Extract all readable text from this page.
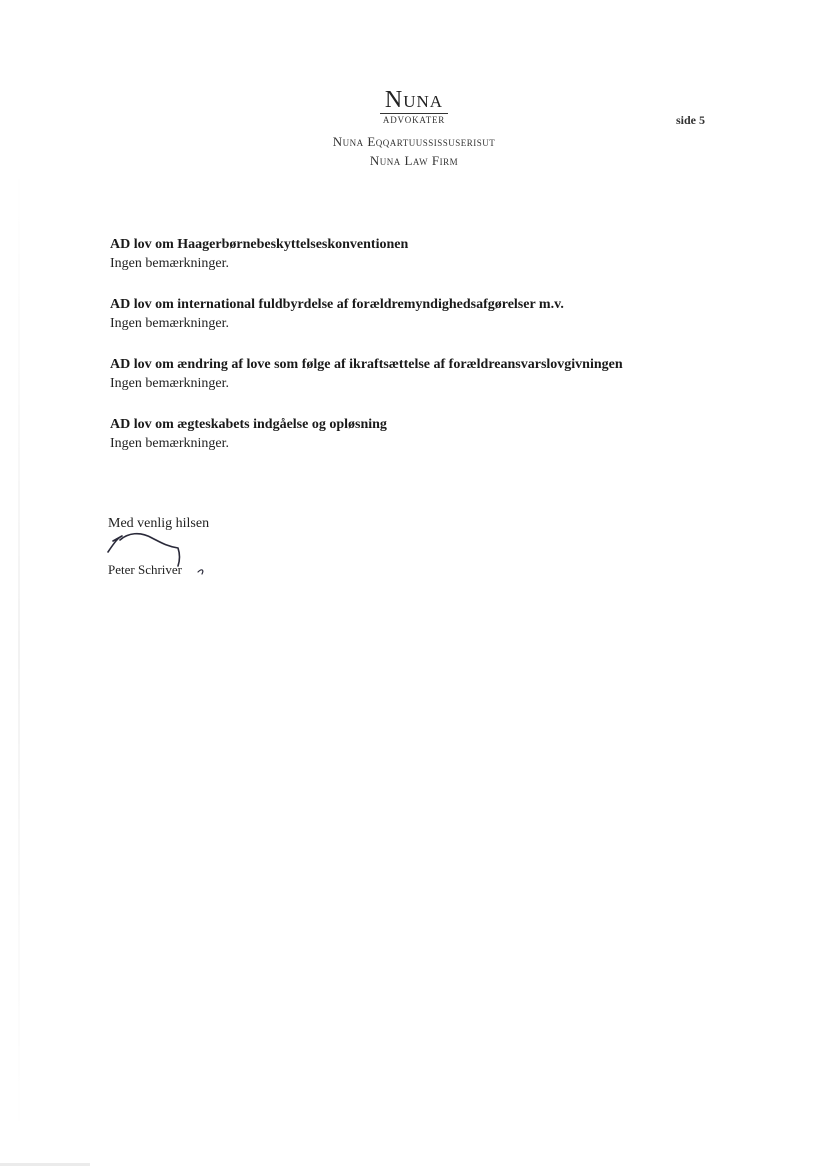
Nuna
ADVOKATER
Nuna Eqqartuussissuserisut
Nuna Law Firm
side 5
AD lov om Haagerbørnebeskyttelseskonventionen
Ingen bemærkninger.
AD lov om international fuldbyrdelse af forældremyndighedsafgørelser m.v.
Ingen bemærkninger.
AD lov om ændring af love som følge af ikraftsættelse af forældreansvarslovgivningen
Ingen bemærkninger.
AD lov om ægteskabets indgåelse og opløsning
Ingen bemærkninger.
Med venlig hilsen
Peter Schriver
